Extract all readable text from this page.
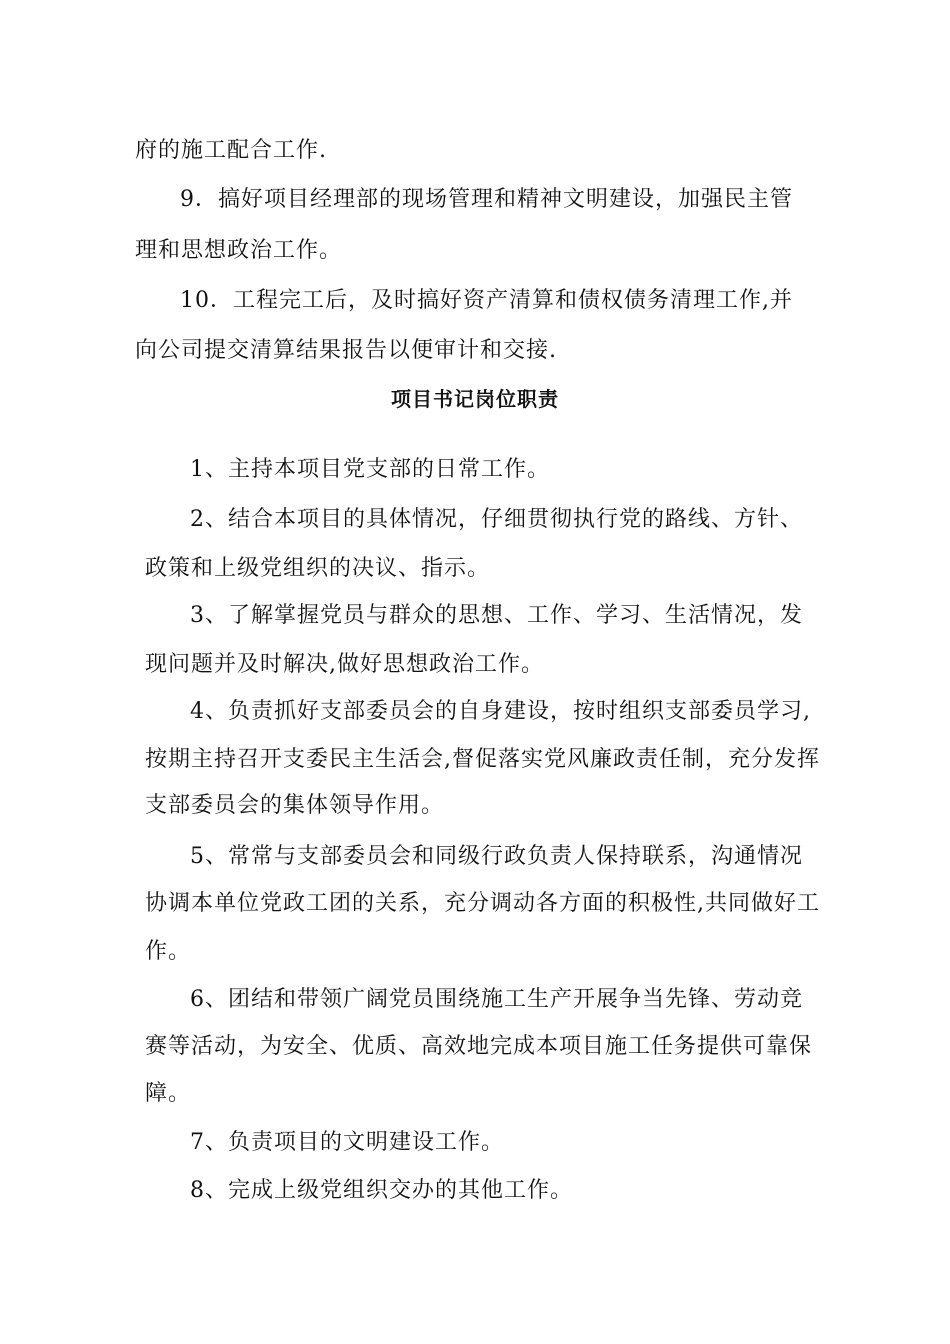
府的施工配合工作.
9．搞好项目经理部的现场管理和精神文明建设，加强民主管
理和思想政治工作。
10．工程完工后，及时搞好资产清算和债权债务清理工作,并
向公司提交清算结果报告以便审计和交接.
项目书记岗位职责
1、主持本项目党支部的日常工作。
2、结合本项目的具体情况，仔细贯彻执行党的路线、方针、
政策和上级党组织的决议、指示。
3、了解掌握党员与群众的思想、工作、学习、生活情况，发
现问题并及时解决,做好思想政治工作。
4、负责抓好支部委员会的自身建设，按时组织支部委员学习,
按期主持召开支委民主生活会,督促落实党风廉政责任制，充分发挥
支部委员会的集体领导作用。
5、常常与支部委员会和同级行政负责人保持联系，沟通情况
协调本单位党政工团的关系，充分调动各方面的积极性,共同做好工
作。
6、团结和带领广阔党员围绕施工生产开展争当先锋、劳动竞
赛等活动，为安全、优质、高效地完成本项目施工任务提供可靠保
障。
7、负责项目的文明建设工作。
8、完成上级党组织交办的其他工作。
